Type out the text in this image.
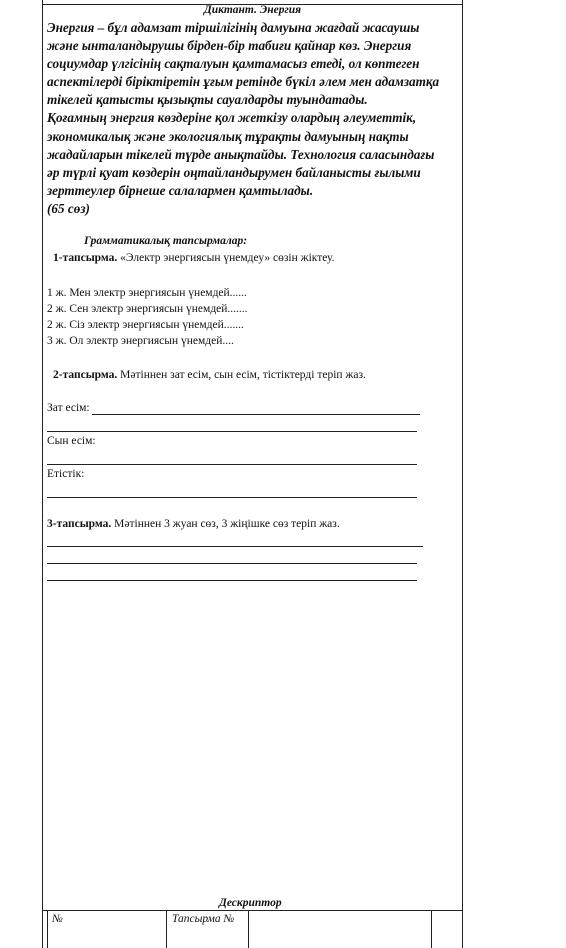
Диктант. Энергия

Энергия – бұл адамзат тіршілігінің дамуына жағдай жасаушы

және ынталандырушы бірден-бір табиғи қайнар көз. Энергия

социумдар үлгісінің сақталуын қамтамасыз етеді, ол көптеген

аспектілерді біріктіретін ұғым ретінде бүкіл әлем мен адамзатқа

тікелей қатысты қызықты сауалдарды туындатады.

Қоғамның энергия көздеріне қол жеткізу олардың әлеуметтік,

экономикалық және экологиялық тұрақты дамуының нақты

жадайларын тікелей түрде анықтайды. Технология саласындағы

әр түрлі қуат көздерін оңтайландырумен байланысты ғылыми

зерттеулер бірнеше салалармен қамтылады.

(65 сөз)

Грамматикалық тапсырмалар:
1-тапсырма. «Электр энергиясын үнемдеу» сөзін жіктеу.
1 ж. Мен электр энергиясын үнемдей......
2 ж. Сен электр энергиясын үнемдей.......
2 ж. Сіз электр энергиясын үнемдей.......
3 ж. Ол электр энергиясын үнемдей....
2-тапсырма. Мәтіннен зат есім, сын есім, тістіктерді теріп жаз.
Зат есім:
Сын есім:
Етістік:
3-тапсырма. Мәтіннен 3 жуан сөз, 3 жіңішке сөз теріп жаз.
Дескриптор
№	Тапсырма №
